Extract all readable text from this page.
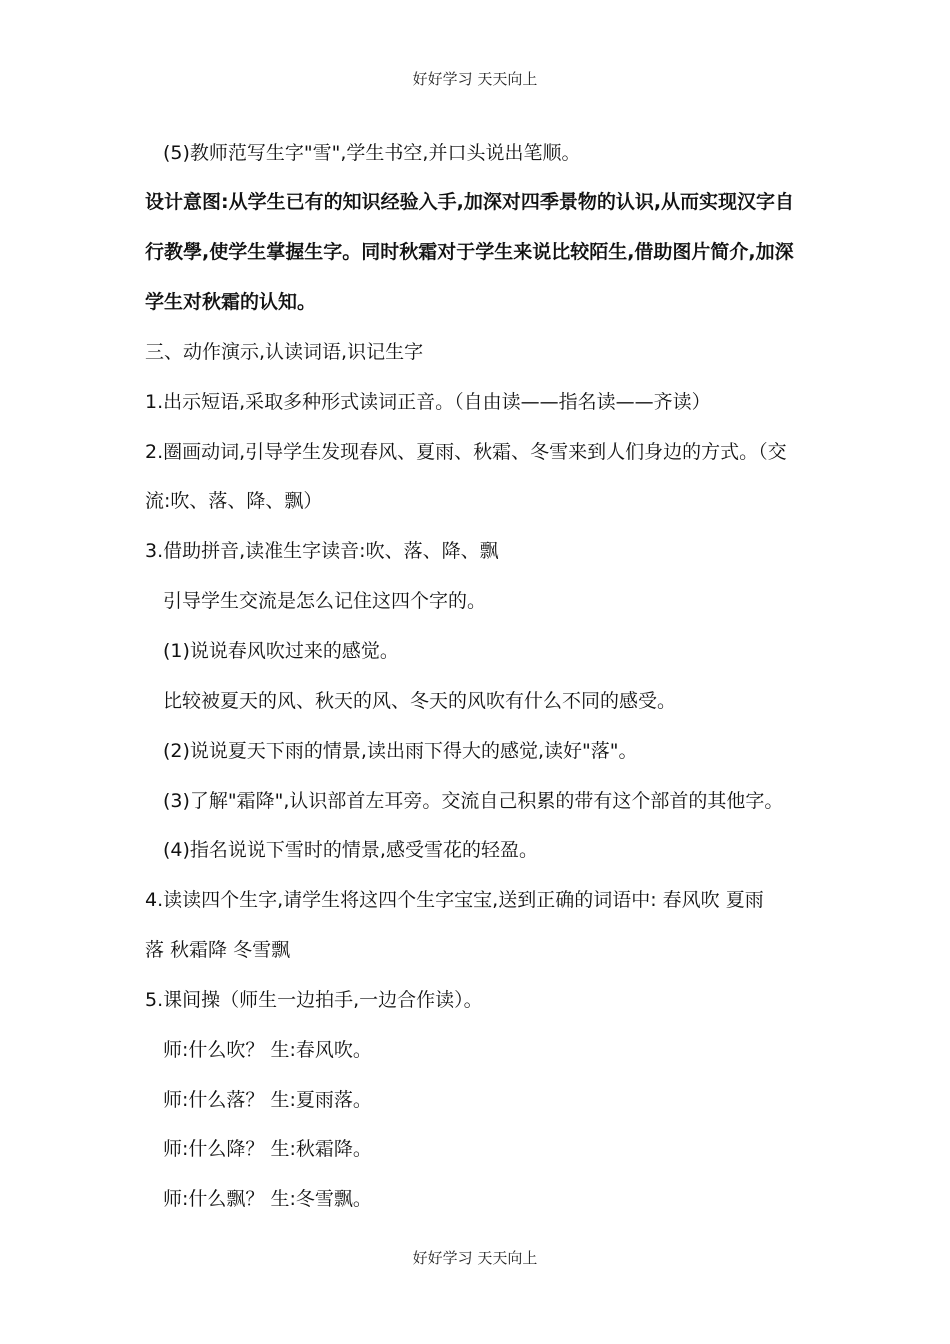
好好学习 天天向上
(5)教师范写生字"雪",学生书空,并口头说出笔顺。
设计意图:从学生已有的知识经验入手,加深对四季景物的认识,从而实现汉字自
行教學,使学生掌握生字。同时秋霜对于学生来说比较陌生,借助图片简介,加深
学生对秋霜的认知。
三、动作演示,认读词语,识记生字
1.出示短语,采取多种形式读词正音。（自由读——指名读——齐读）
2.圈画动词,引导学生发现春风、夏雨、秋霜、冬雪来到人们身边的方式。（交
流:吹、落、降、飘）
3.借助拼音,读准生字读音:吹、落、降、飘
引导学生交流是怎么记住这四个字的。
(1)说说春风吹过来的感觉。
比较被夏天的风、秋天的风、冬天的风吹有什么不同的感受。
(2)说说夏天下雨的情景,读出雨下得大的感觉,读好"落"。
(3)了解"霜降",认识部首左耳旁。交流自己积累的带有这个部首的其他字。
(4)指名说说下雪时的情景,感受雪花的轻盈。
4.读读四个生字,请学生将这四个生字宝宝,送到正确的词语中: 春风吹 夏雨
落 秋霜降 冬雪飘
5.课间操（师生一边拍手,一边合作读）。
师:什么吹？ 生:春风吹。
师:什么落？ 生:夏雨落。
师:什么降？ 生:秋霜降。
师:什么飘？ 生:冬雪飘。
好好学习 天天向上
